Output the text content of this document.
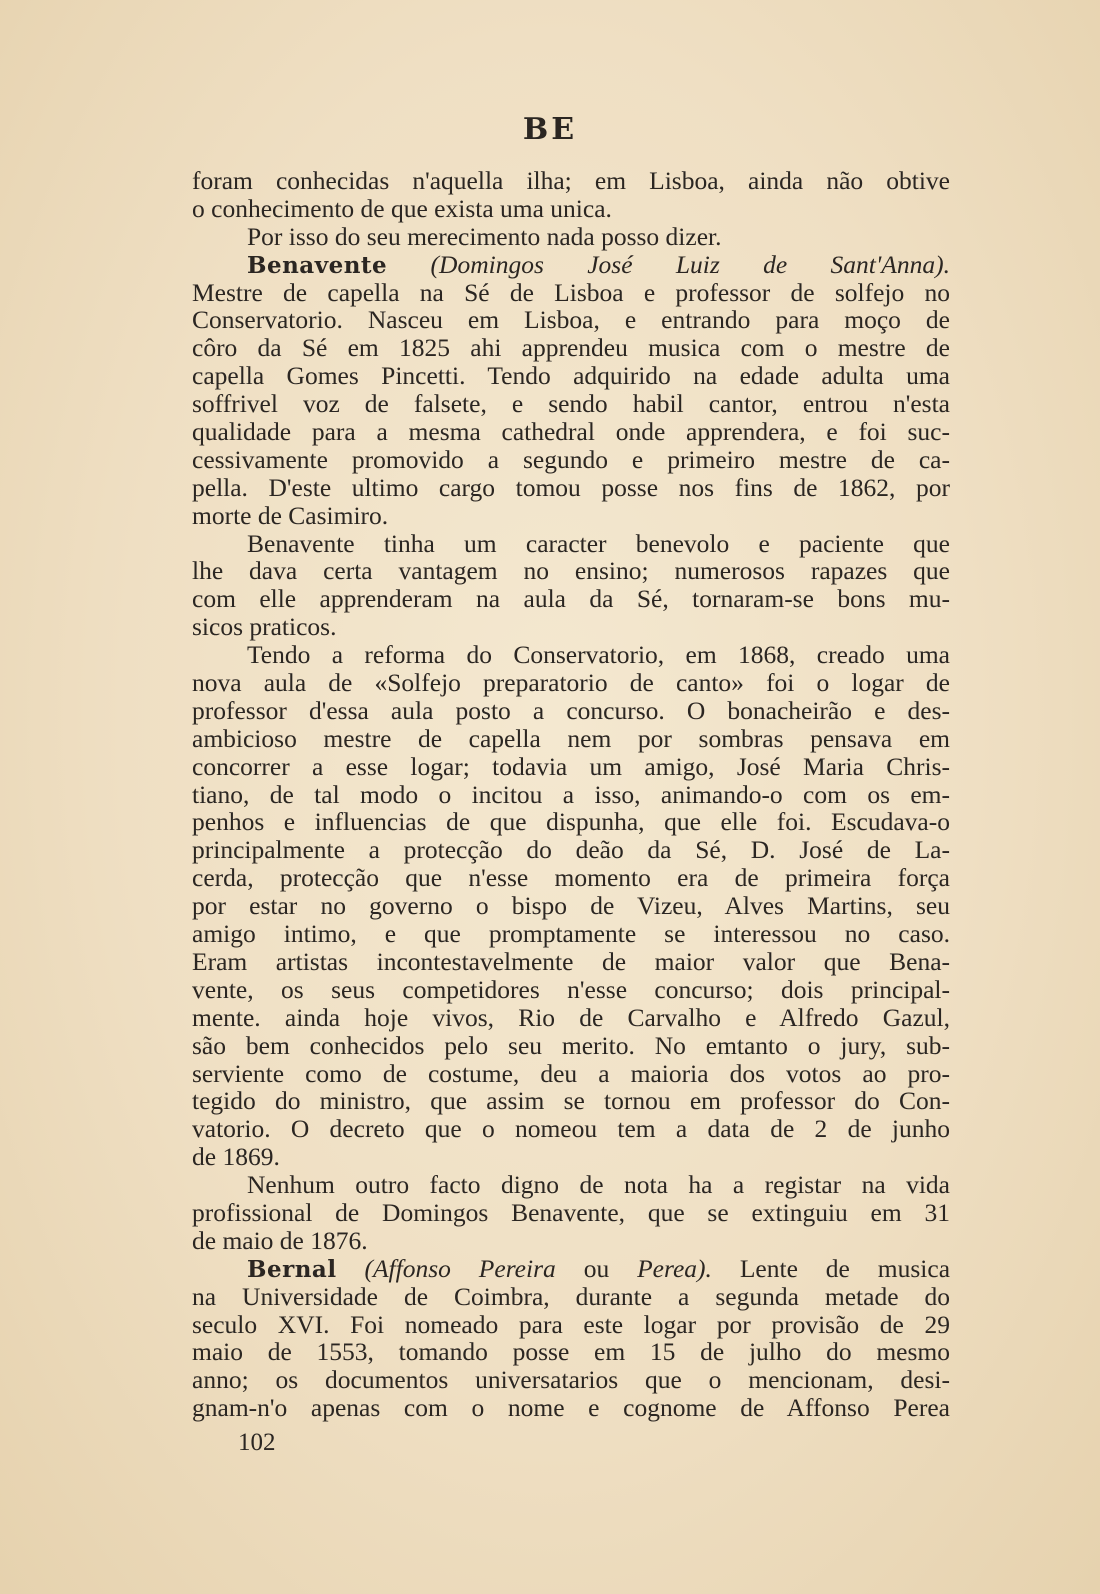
BE
foram conhecidas n'aquella ilha; em Lisboa, ainda não obtive
o conhecimento de que exista uma unica.
Por isso do seu merecimento nada posso dizer.
Benavente (Domingos José Luiz de Sant'Anna).
Mestre de capella na Sé de Lisboa e professor de solfejo no
Conservatorio. Nasceu em Lisboa, e entrando para moço de
côro da Sé em 1825 ahi apprendeu musica com o mestre de
capella Gomes Pincetti. Tendo adquirido na edade adulta uma
soffrivel voz de falsete, e sendo habil cantor, entrou n'esta
qualidade para a mesma cathedral onde apprendera, e foi suc-
cessivamente promovido a segundo e primeiro mestre de ca-
pella. D'este ultimo cargo tomou posse nos fins de 1862, por
morte de Casimiro.
Benavente tinha um caracter benevolo e paciente que
lhe dava certa vantagem no ensino; numerosos rapazes que
com elle apprenderam na aula da Sé, tornaram-se bons mu-
sicos praticos.
Tendo a reforma do Conservatorio, em 1868, creado uma
nova aula de «Solfejo preparatorio de canto» foi o logar de
professor d'essa aula posto a concurso. O bonacheirão e des-
ambicioso mestre de capella nem por sombras pensava em
concorrer a esse logar; todavia um amigo, José Maria Chris-
tiano, de tal modo o incitou a isso, animando-o com os em-
penhos e influencias de que dispunha, que elle foi. Escudava-o
principalmente a protecção do deão da Sé, D. José de La-
cerda, protecção que n'esse momento era de primeira força
por estar no governo o bispo de Vizeu, Alves Martins, seu
amigo intimo, e que promptamente se interessou no caso.
Eram artistas incontestavelmente de maior valor que Bena-
vente, os seus competidores n'esse concurso; dois principal-
mente. ainda hoje vivos, Rio de Carvalho e Alfredo Gazul,
são bem conhecidos pelo seu merito. No emtanto o jury, sub-
serviente como de costume, deu a maioria dos votos ao pro-
tegido do ministro, que assim se tornou em professor do Con-
vatorio. O decreto que o nomeou tem a data de 2 de junho
de 1869.
Nenhum outro facto digno de nota ha a registar na vida
profissional de Domingos Benavente, que se extinguiu em 31
de maio de 1876.
Bernal (Affonso Pereira ou Perea). Lente de musica
na Universidade de Coimbra, durante a segunda metade do
seculo XVI. Foi nomeado para este logar por provisão de 29
maio de 1553, tomando posse em 15 de julho do mesmo
anno; os documentos universatarios que o mencionam, desi-
gnam-n'o apenas com o nome e cognome de Affonso Perea
102
